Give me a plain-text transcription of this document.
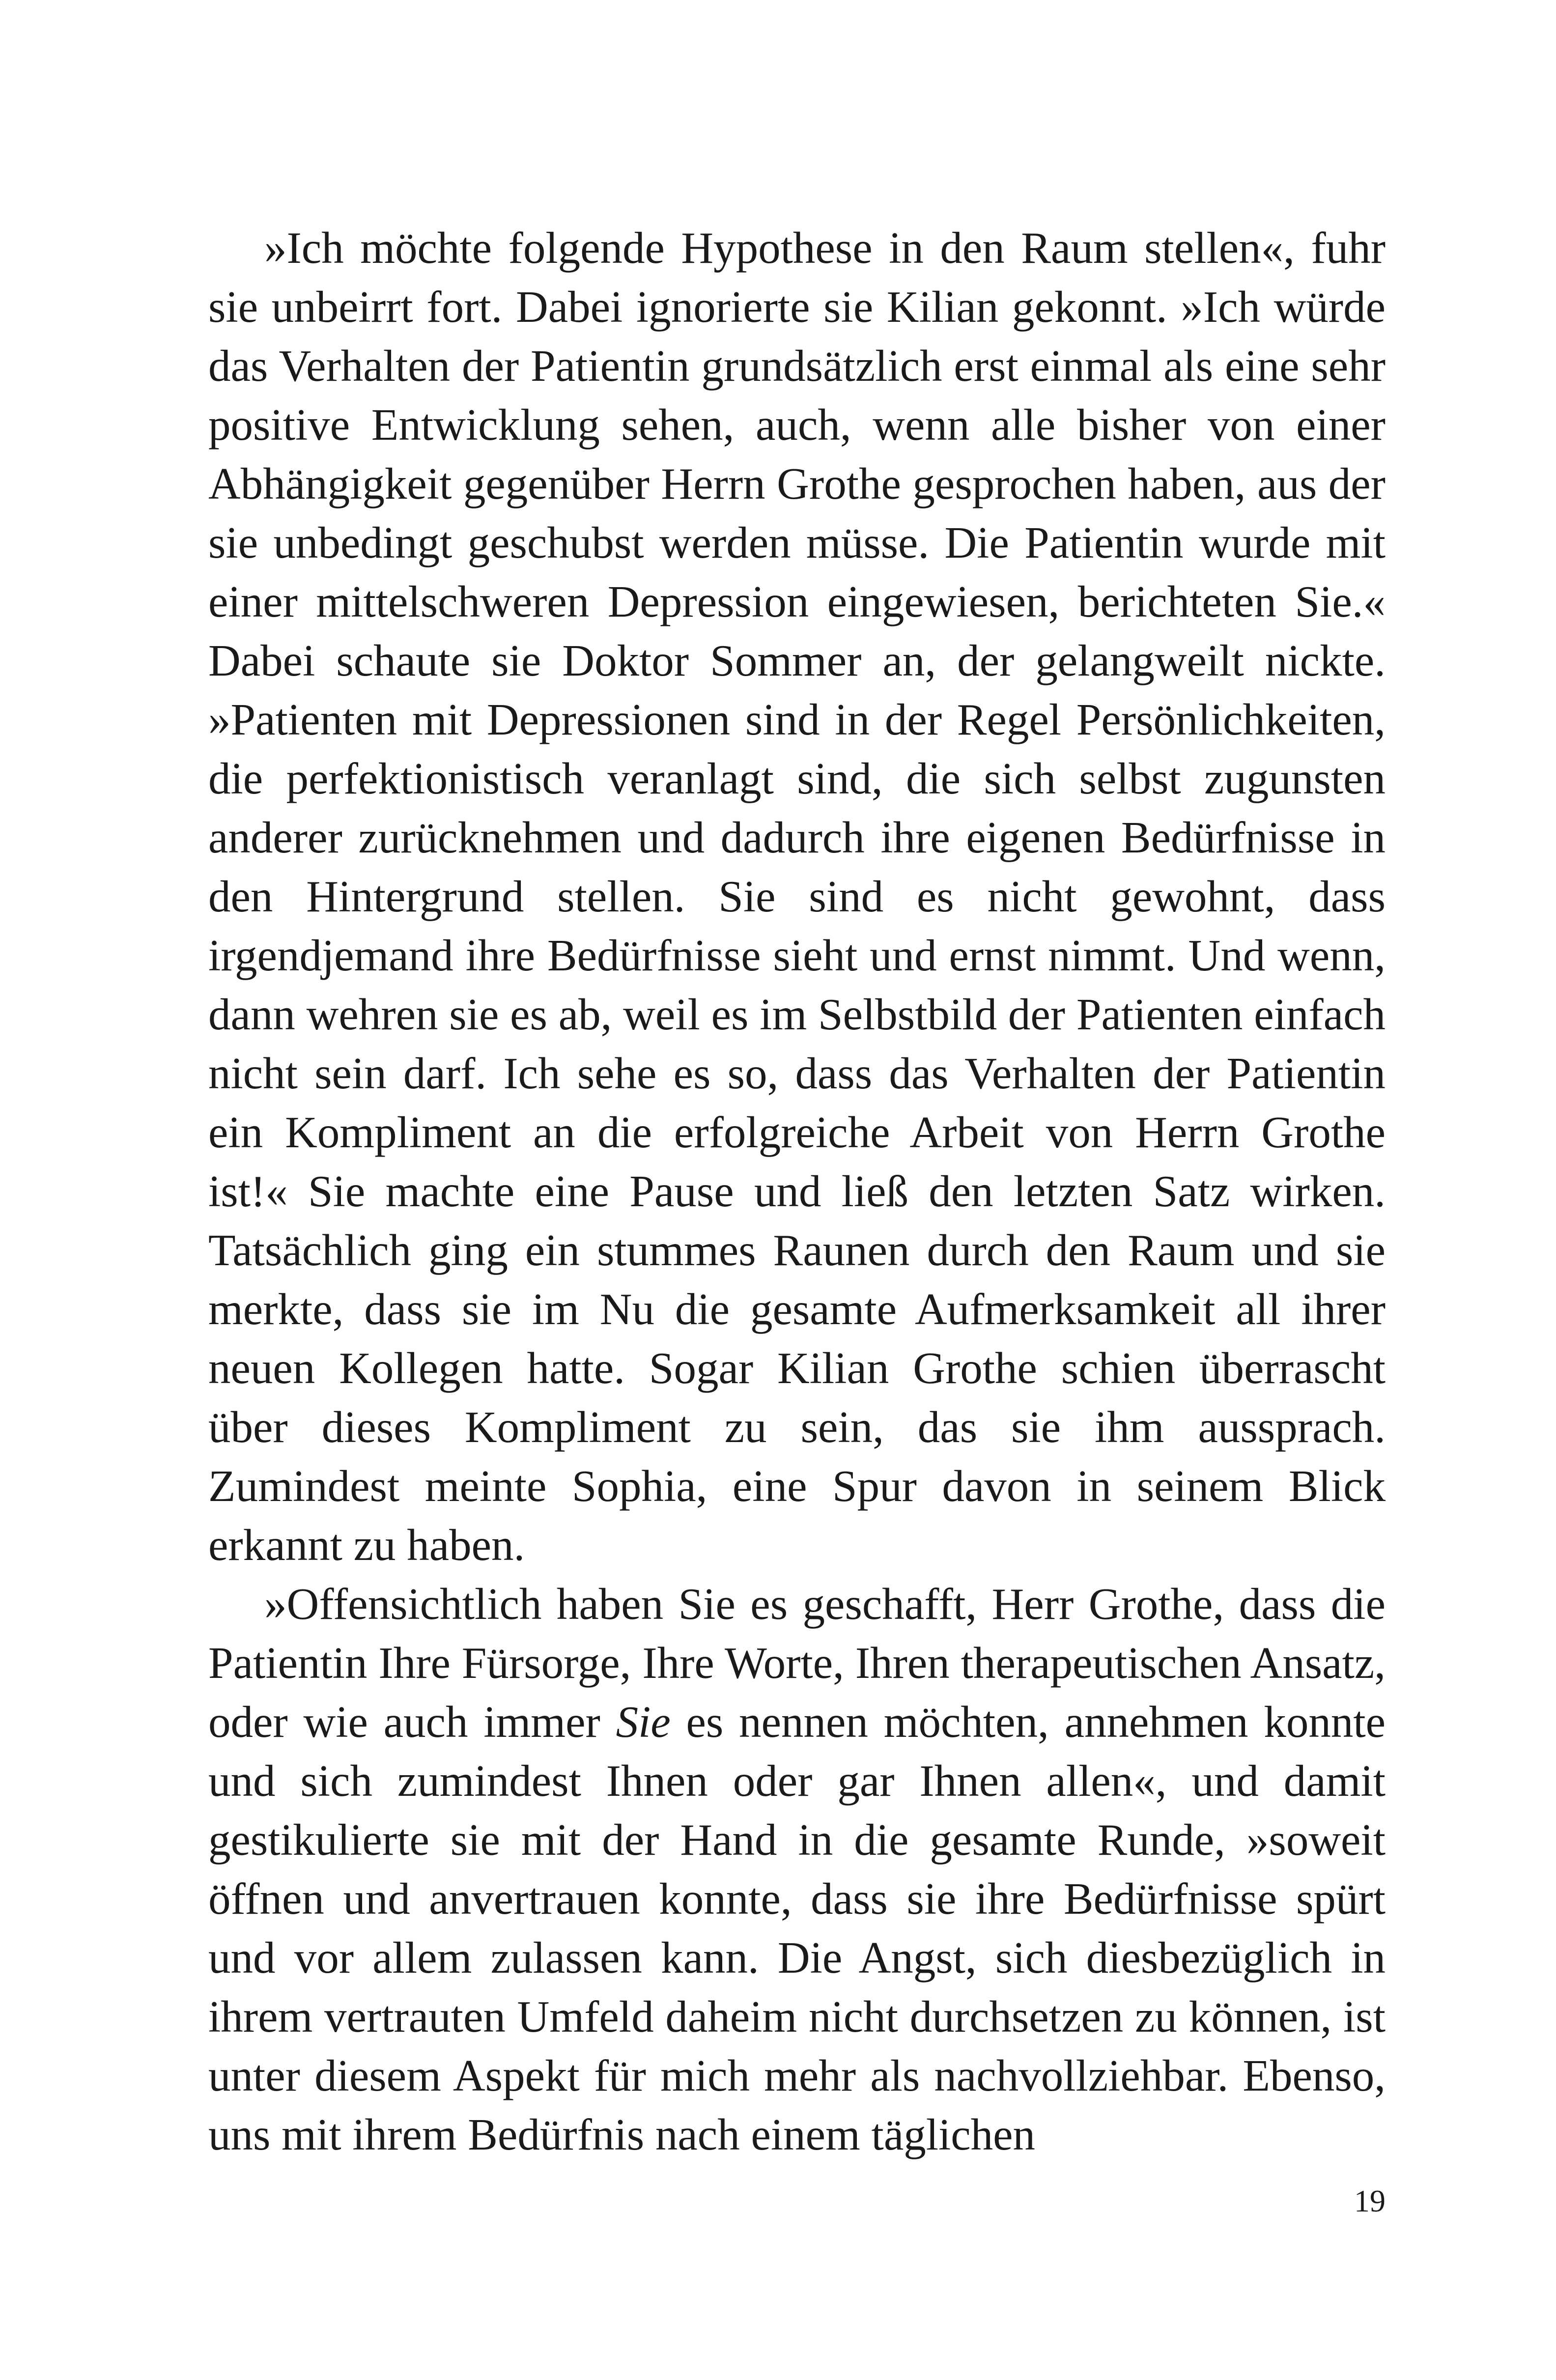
»Ich möchte folgende Hypothese in den Raum stellen«, fuhr sie unbeirrt fort. Dabei ignorierte sie Kilian gekonnt. »Ich würde das Verhalten der Patientin grundsätzlich erst einmal als eine sehr positive Entwicklung sehen, auch, wenn alle bisher von einer Abhängigkeit gegenüber Herrn Grothe gesprochen haben, aus der sie unbedingt geschubst werden müsse. Die Patientin wurde mit einer mittelschweren Depression eingewiesen, berichteten Sie.« Dabei schaute sie Doktor Sommer an, der gelangweilt nickte. »Patienten mit Depressionen sind in der Regel Persönlichkeiten, die perfektionistisch veranlagt sind, die sich selbst zugunsten anderer zurücknehmen und dadurch ihre eigenen Bedürfnisse in den Hintergrund stellen. Sie sind es nicht gewohnt, dass irgendjemand ihre Bedürfnisse sieht und ernst nimmt. Und wenn, dann wehren sie es ab, weil es im Selbstbild der Patienten einfach nicht sein darf. Ich sehe es so, dass das Verhalten der Patientin ein Kompliment an die erfolgreiche Arbeit von Herrn Grothe ist!« Sie machte eine Pause und ließ den letzten Satz wirken. Tatsächlich ging ein stummes Raunen durch den Raum und sie merkte, dass sie im Nu die gesamte Aufmerksamkeit all ihrer neuen Kollegen hatte. Sogar Kilian Grothe schien überrascht über dieses Kompliment zu sein, das sie ihm aussprach. Zumindest meinte Sophia, eine Spur davon in seinem Blick erkannt zu haben.

»Offensichtlich haben Sie es geschafft, Herr Grothe, dass die Patientin Ihre Fürsorge, Ihre Worte, Ihren therapeutischen Ansatz, oder wie auch immer Sie es nennen möchten, annehmen konnte und sich zumindest Ihnen oder gar Ihnen allen«, und damit gestikulierte sie mit der Hand in die gesamte Runde, »soweit öffnen und anvertrauen konnte, dass sie ihre Bedürfnisse spürt und vor allem zulassen kann. Die Angst, sich diesbezüglich in ihrem vertrauten Umfeld daheim nicht durchsetzen zu können, ist unter diesem Aspekt für mich mehr als nachvollziehbar. Ebenso, uns mit ihrem Bedürfnis nach einem täglichen

19
